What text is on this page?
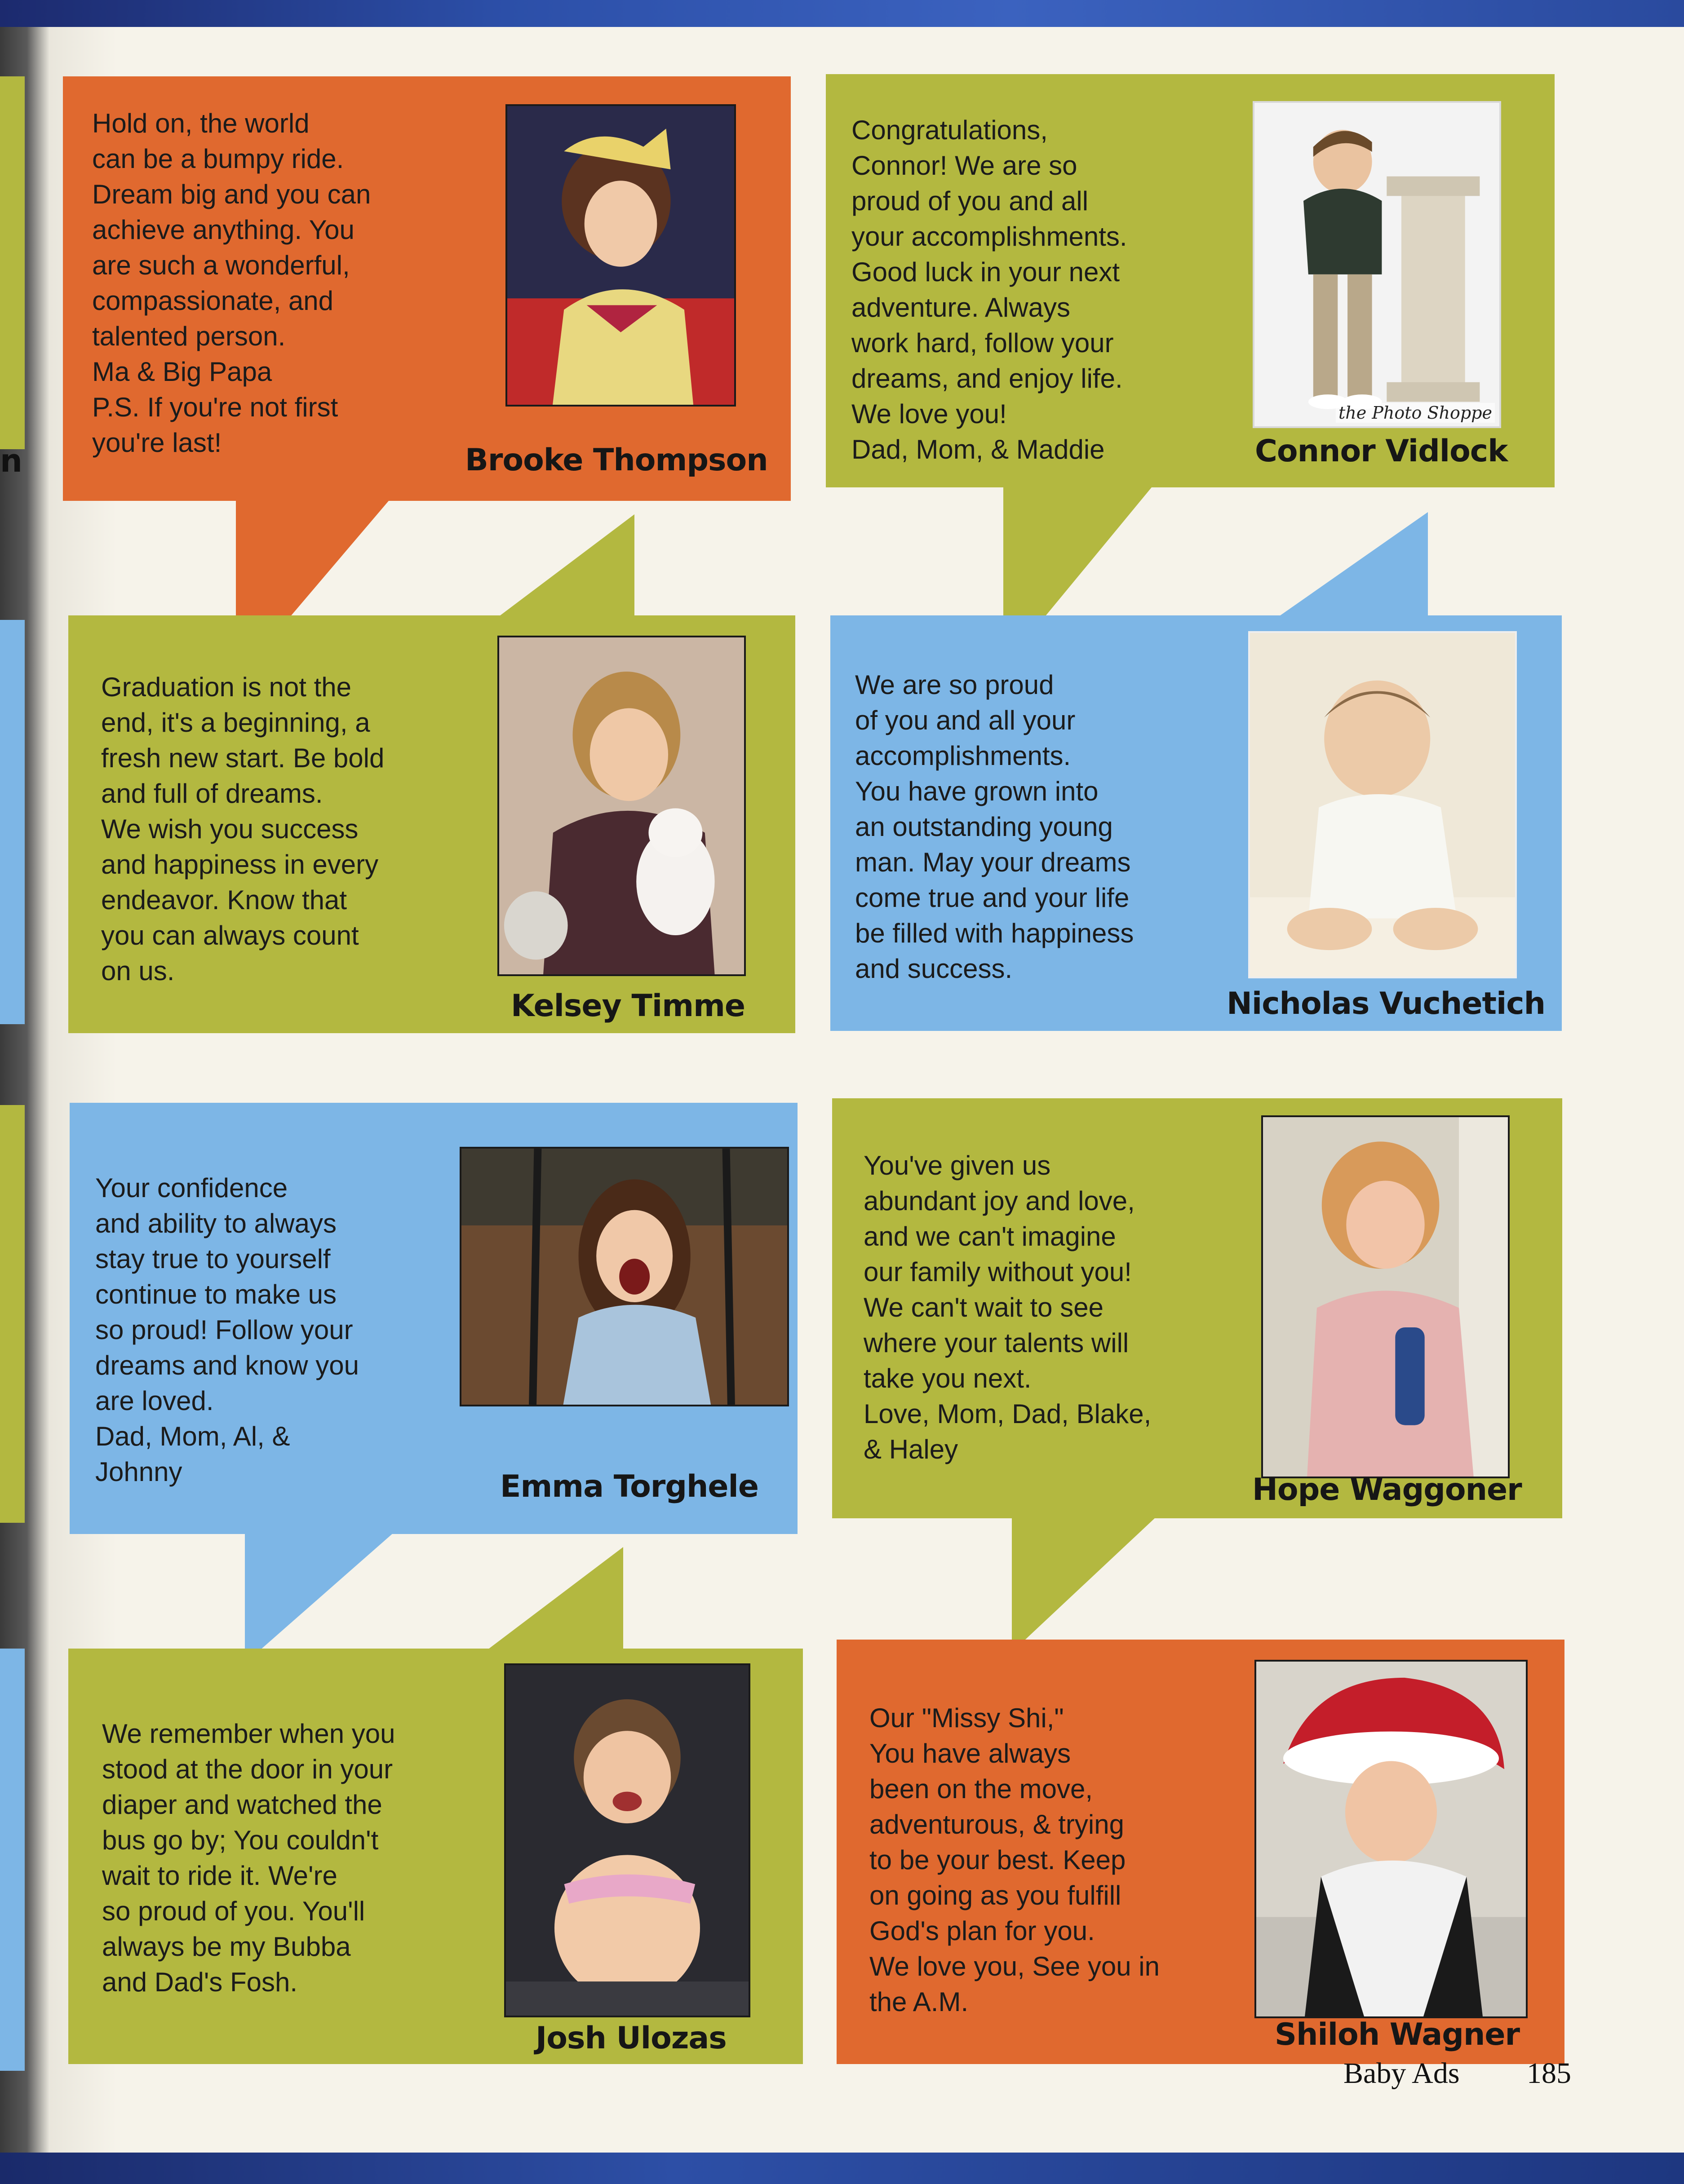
n
Hold on, the world
can be a bumpy ride.
Dream big and you can
achieve anything. You
are such a wonderful,
compassionate, and
talented person.
Ma & Big Papa
P.S. If you're not first
you're last!	Brooke Thompson
Congratulations,
Connor! We are so
proud of you and all
your accomplishments.
Good luck in your next
adventure. Always
work hard, follow your
dreams, and enjoy life.
We love you!
Dad, Mom, & Maddie
the Photo Shoppe
Connor Vidlock
Graduation is not the
end, it's a beginning, a
fresh new start. Be bold
and full of dreams.
We wish you success
and happiness in every
endeavor. Know that
you can always count
on us.
Kelsey Timme
We are so proud
of you and all your
accomplishments.
You have grown into
an outstanding young
man. May your dreams
come true and your life
be filled with happiness
and success.
Nicholas Vuchetich
Your confidence
and ability to always
stay true to yourself
continue to make us
so proud! Follow your
dreams and know you
are loved.
Dad, Mom, Al, &
Johnny	Emma Torghele
You've given us
abundant joy and love,
and we can't imagine
our family without you!
We can't wait to see
where your talents will
take you next.
Love, Mom, Dad, Blake,
& Haley
Hope Waggoner
We remember when you
stood at the door in your
diaper and watched the
bus go by; You couldn't
wait to ride it. We're
so proud of you. You'll
always be my Bubba
and Dad's Fosh.
Josh Ulozas
Our "Missy Shi,"
You have always
been on the move,
adventurous, & trying
to be your best. Keep
on going as you fulfill
God's plan for you.
We love you, See you in
the A.M.
Shiloh Wagner
Baby Ads 185
